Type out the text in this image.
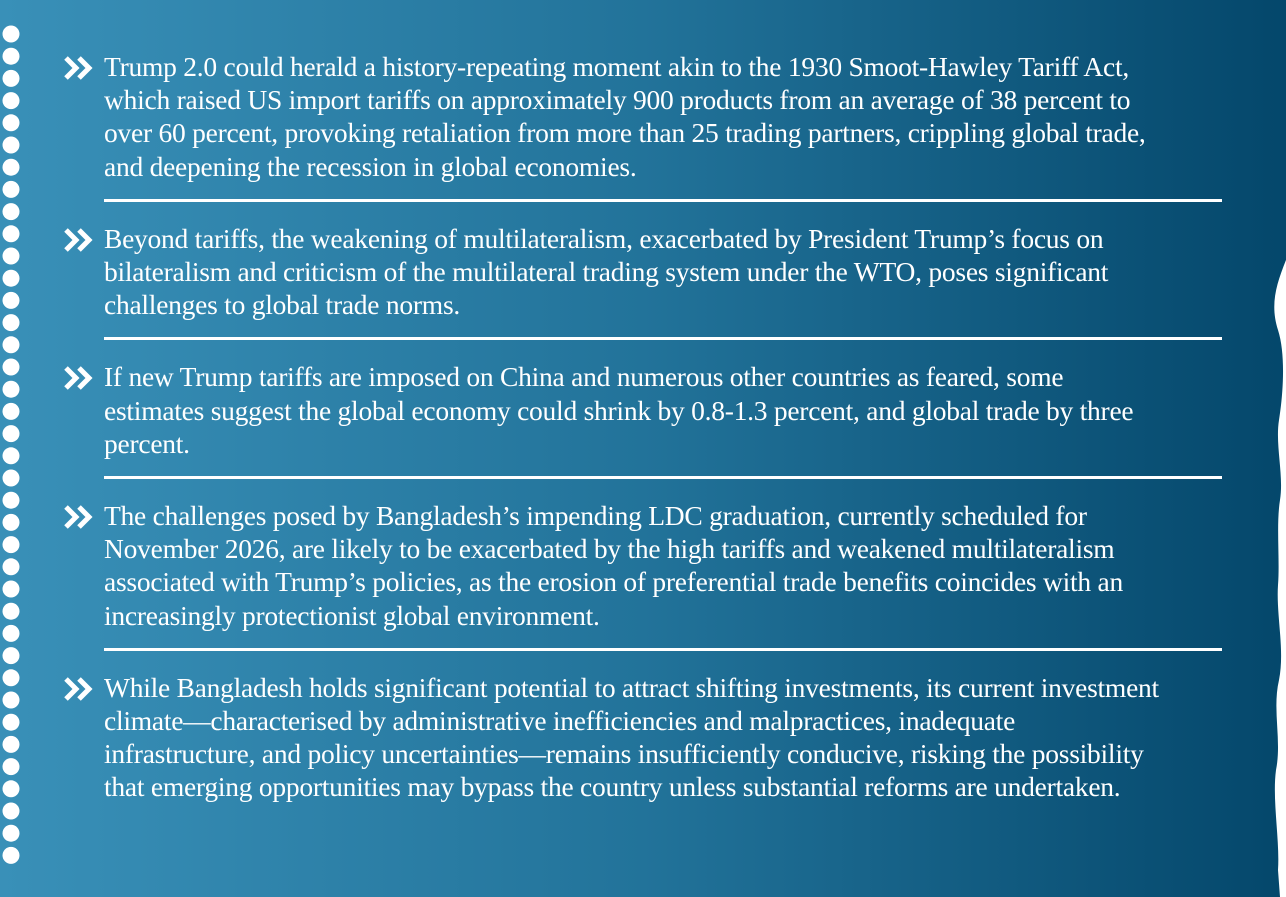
Trump 2.0 could herald a history-repeating moment akin to the 1930 Smoot-Hawley Tariff Act, which raised US import tariffs on approximately 900 products from an average of 38 percent to over 60 percent, provoking retaliation from more than 25 trading partners, crippling global trade, and deepening the recession in global economies.
Beyond tariffs, the weakening of multilateralism, exacerbated by President Trump’s focus on bilateralism and criticism of the multilateral trading system under the WTO, poses significant challenges to global trade norms.
If new Trump tariffs are imposed on China and numerous other countries as feared, some estimates suggest the global economy could shrink by 0.8-1.3 percent, and global trade by three percent.
The challenges posed by Bangladesh’s impending LDC graduation, currently scheduled for November 2026, are likely to be exacerbated by the high tariffs and weakened multilateralism associated with Trump’s policies, as the erosion of preferential trade benefits coincides with an increasingly protectionist global environment.
While Bangladesh holds significant potential to attract shifting investments, its current investment climate—characterised by administrative inefficiencies and malpractices, inadequate infrastructure, and policy uncertainties—remains insufficiently conducive, risking the possibility that emerging opportunities may bypass the country unless substantial reforms are undertaken.
